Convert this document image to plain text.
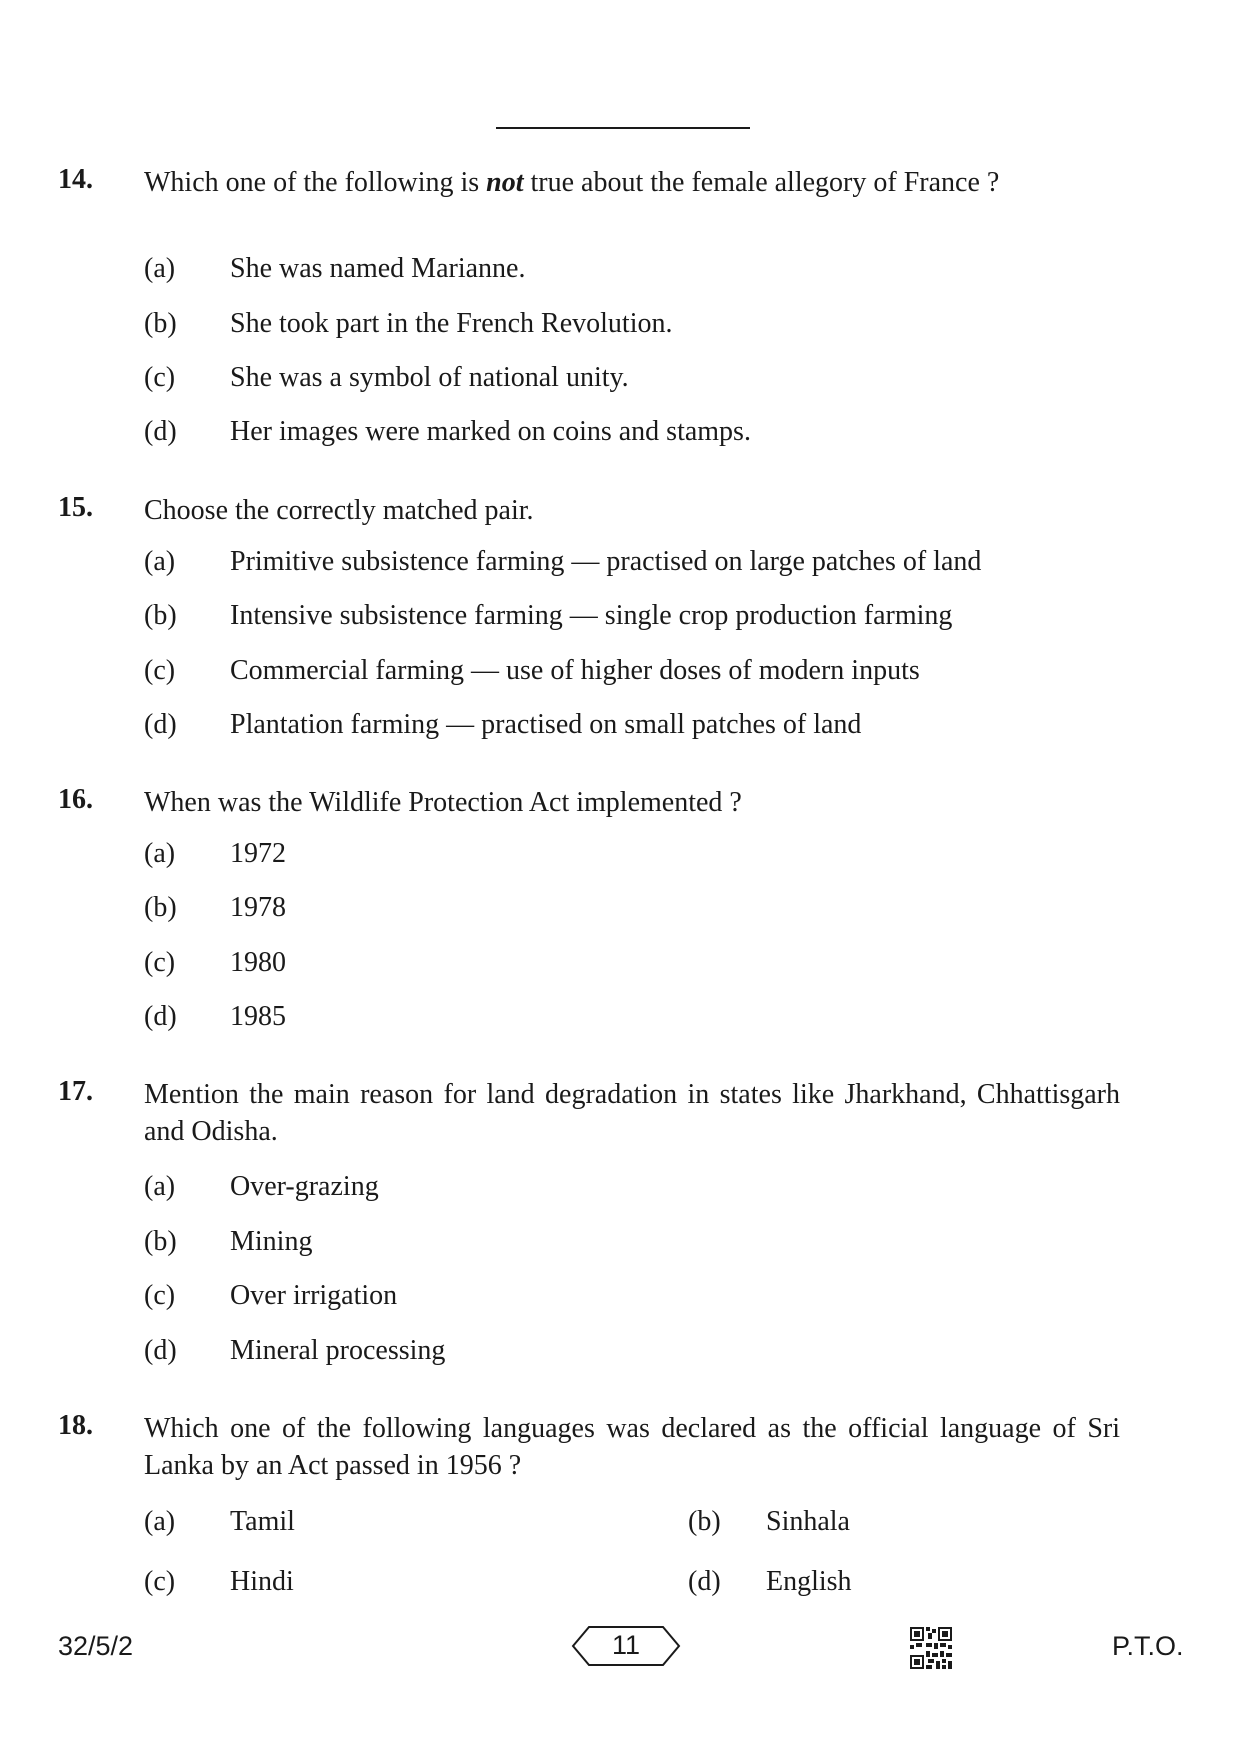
14. Which one of the following is not true about the female allegory of France ?
(a) She was named Marianne.
(b) She took part in the French Revolution.
(c) She was a symbol of national unity.
(d) Her images were marked on coins and stamps.
15. Choose the correctly matched pair.
(a) Primitive subsistence farming — practised on large patches of land
(b) Intensive subsistence farming — single crop production farming
(c) Commercial farming — use of higher doses of modern inputs
(d) Plantation farming — practised on small patches of land
16. When was the Wildlife Protection Act implemented ?
(a) 1972
(b) 1978
(c) 1980
(d) 1985
17. Mention the main reason for land degradation in states like Jharkhand, Chhattisgarh and Odisha.
(a) Over-grazing
(b) Mining
(c) Over irrigation
(d) Mineral processing
18. Which one of the following languages was declared as the official language of Sri Lanka by an Act passed in 1956 ?
(a) Tamil	(b) Sinhala
(c) Hindi	(d) English
32/5/2	11	P.T.O.
